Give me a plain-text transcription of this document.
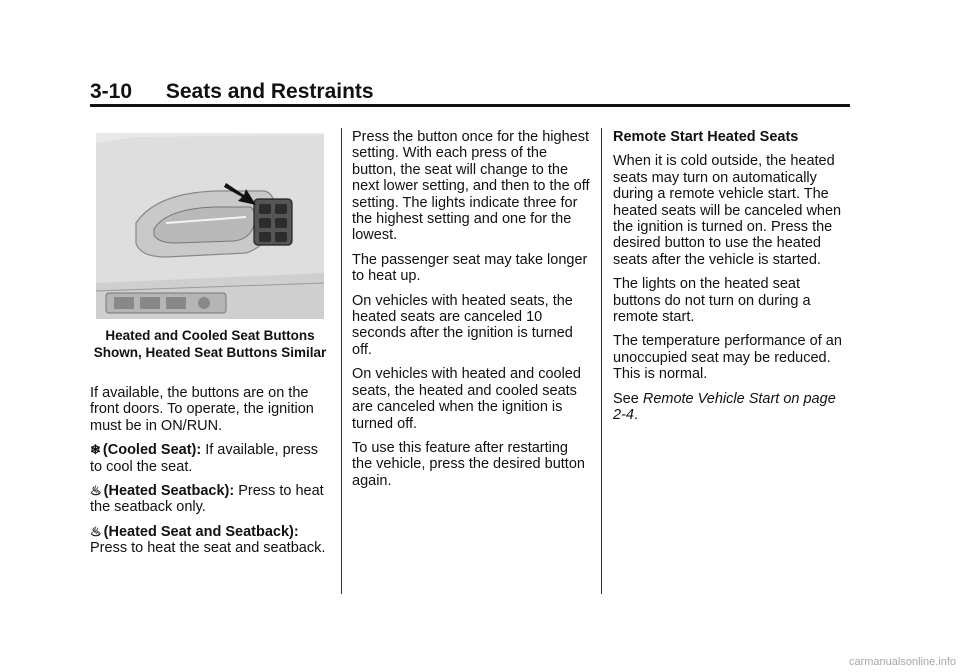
3-10 Seats and Restraints
Heated and Cooled Seat Buttons Shown, Heated Seat Buttons Similar

If available, the buttons are on the front doors. To operate, the ignition must be in ON/RUN.

❄ (Cooled Seat): If available, press to cool the seat.

♨ (Heated Seatback): Press to heat the seatback only.

♨ (Heated Seat and Seatback):
Press to heat the seat and seatback.

Press the button once for the highest setting. With each press of the button, the seat will change to the next lower setting, and then to the off setting. The lights indicate three for the highest setting and one for the lowest.

The passenger seat may take longer to heat up.

On vehicles with heated seats, the heated seats are canceled 10 seconds after the ignition is turned off.

On vehicles with heated and cooled seats, the heated and cooled seats are canceled when the ignition is turned off.

To use this feature after restarting the vehicle, press the desired button again.

Remote Start Heated Seats

When it is cold outside, the heated seats may turn on automatically during a remote vehicle start. The heated seats will be canceled when the ignition is turned on. Press the desired button to use the heated seats after the vehicle is started.

The lights on the heated seat buttons do not turn on during a remote start.

The temperature performance of an unoccupied seat may be reduced. This is normal.

See Remote Vehicle Start on page 2-4.

carmanualsonline.info
